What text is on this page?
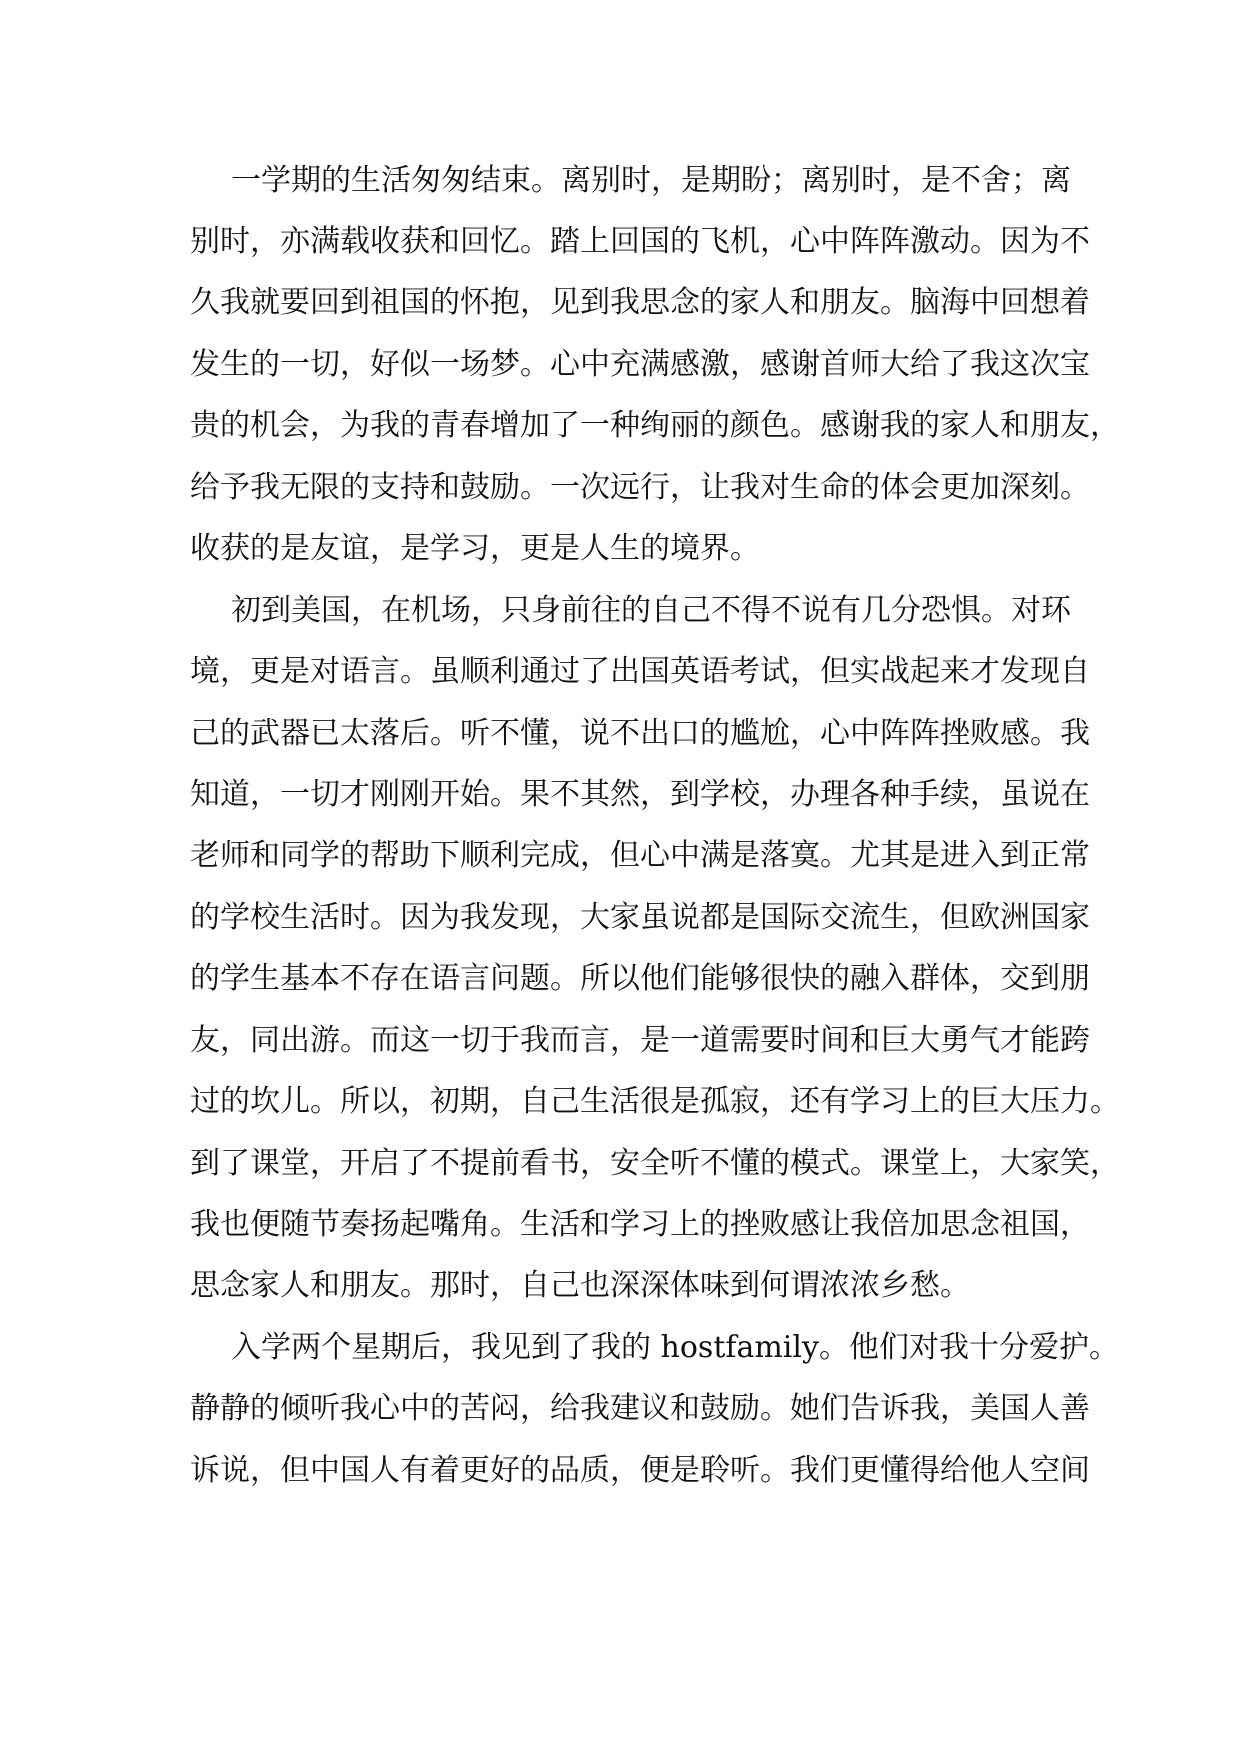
一学期的生活匆匆结束。离别时，是期盼；离别时，是不舍；离

别时，亦满载收获和回忆。踏上回国的飞机，心中阵阵激动。因为不

久我就要回到祖国的怀抱，见到我思念的家人和朋友。脑海中回想着

发生的一切，好似一场梦。心中充满感激，感谢首师大给了我这次宝

贵的机会，为我的青春增加了一种绚丽的颜色。感谢我的家人和朋友，

给予我无限的支持和鼓励。一次远行，让我对生命的体会更加深刻。

收获的是友谊，是学习，更是人生的境界。

初到美国，在机场，只身前往的自己不得不说有几分恐惧。对环

境，更是对语言。虽顺利通过了出国英语考试，但实战起来才发现自

己的武器已太落后。听不懂，说不出口的尴尬，心中阵阵挫败感。我

知道，一切才刚刚开始。果不其然，到学校，办理各种手续，虽说在

老师和同学的帮助下顺利完成，但心中满是落寞。尤其是进入到正常

的学校生活时。因为我发现，大家虽说都是国际交流生，但欧洲国家

的学生基本不存在语言问题。所以他们能够很快的融入群体，交到朋

友，同出游。而这一切于我而言，是一道需要时间和巨大勇气才能跨

过的坎儿。所以，初期，自己生活很是孤寂，还有学习上的巨大压力。

到了课堂，开启了不提前看书，安全听不懂的模式。课堂上，大家笑，

我也便随节奏扬起嘴角。生活和学习上的挫败感让我倍加思念祖国，

思念家人和朋友。那时，自己也深深体味到何谓浓浓乡愁。

入学两个星期后，我见到了我的 hostfamily。他们对我十分爱护。

静静的倾听我心中的苦闷，给我建议和鼓励。她们告诉我，美国人善

诉说，但中国人有着更好的品质，便是聆听。我们更懂得给他人空间
